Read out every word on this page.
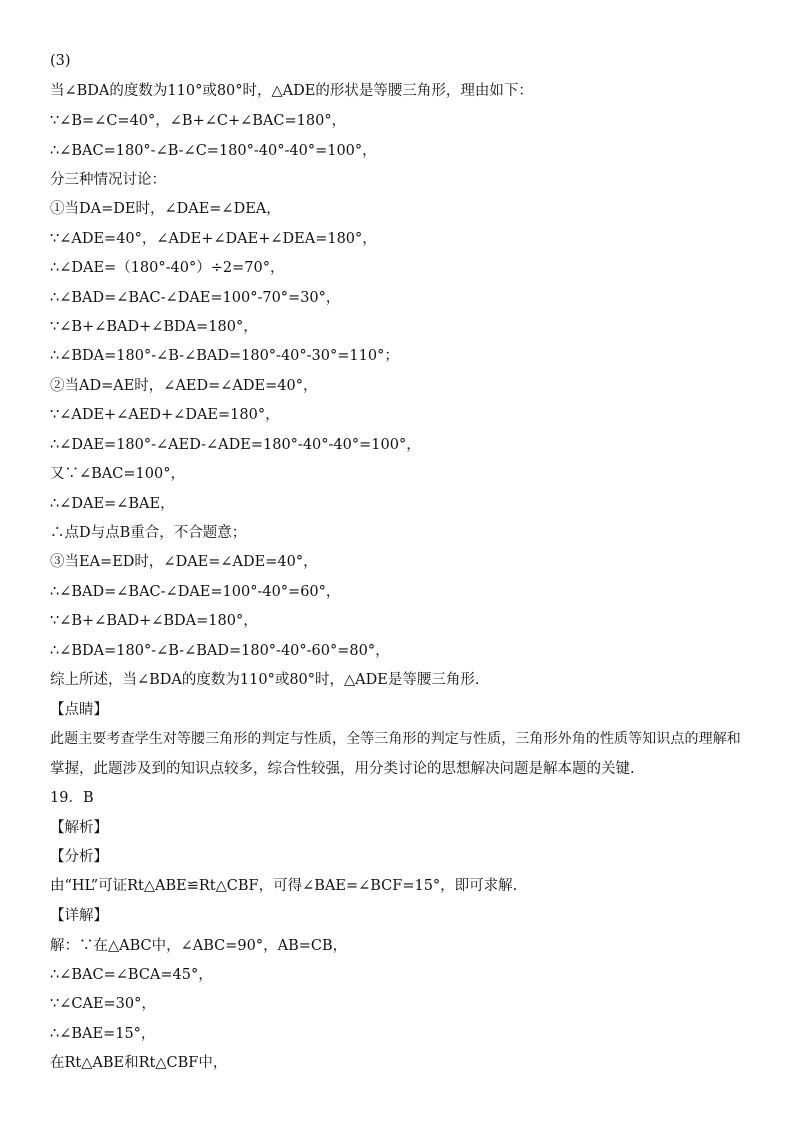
(3)
当∠BDA的度数为110°或80°时，△ADE的形状是等腰三角形，理由如下：
∵∠B=∠C=40°，∠B+∠C+∠BAC=180°，
∴∠BAC=180°-∠B-∠C=180°-40°-40°=100°，
分三种情况讨论：
①当DA=DE时，∠DAE=∠DEA，
∵∠ADE=40°，∠ADE+∠DAE+∠DEA=180°，
∴∠DAE=（180°-40°）÷2=70°，
∴∠BAD=∠BAC-∠DAE=100°-70°=30°，
∵∠B+∠BAD+∠BDA=180°，
∴∠BDA=180°-∠B-∠BAD=180°-40°-30°=110°；
②当AD=AE时，∠AED=∠ADE=40°，
∵∠ADE+∠AED+∠DAE=180°，
∴∠DAE=180°-∠AED-∠ADE=180°-40°-40°=100°，
又∵∠BAC=100°，
∴∠DAE=∠BAE，
∴点D与点B重合，不合题意；
③当EA=ED时，∠DAE=∠ADE=40°，
∴∠BAD=∠BAC-∠DAE=100°-40°=60°，
∵∠B+∠BAD+∠BDA=180°，
∴∠BDA=180°-∠B-∠BAD=180°-40°-60°=80°，
综上所述，当∠BDA的度数为110°或80°时，△ADE是等腰三角形.
【点睛】
此题主要考查学生对等腰三角形的判定与性质，全等三角形的判定与性质，三角形外角的性质等知识点的理解和
掌握，此题涉及到的知识点较多，综合性较强，用分类讨论的思想解决问题是解本题的关键.
19．B
【解析】
【分析】
由“HL”可证Rt△ABE≌Rt△CBF，可得∠BAE=∠BCF=15°，即可求解.
【详解】
解：∵在△ABC中，∠ABC=90°，AB=CB，
∴∠BAC=∠BCA=45°，
∵∠CAE=30°，
∴∠BAE=15°，
在Rt△ABE和Rt△CBF中，
